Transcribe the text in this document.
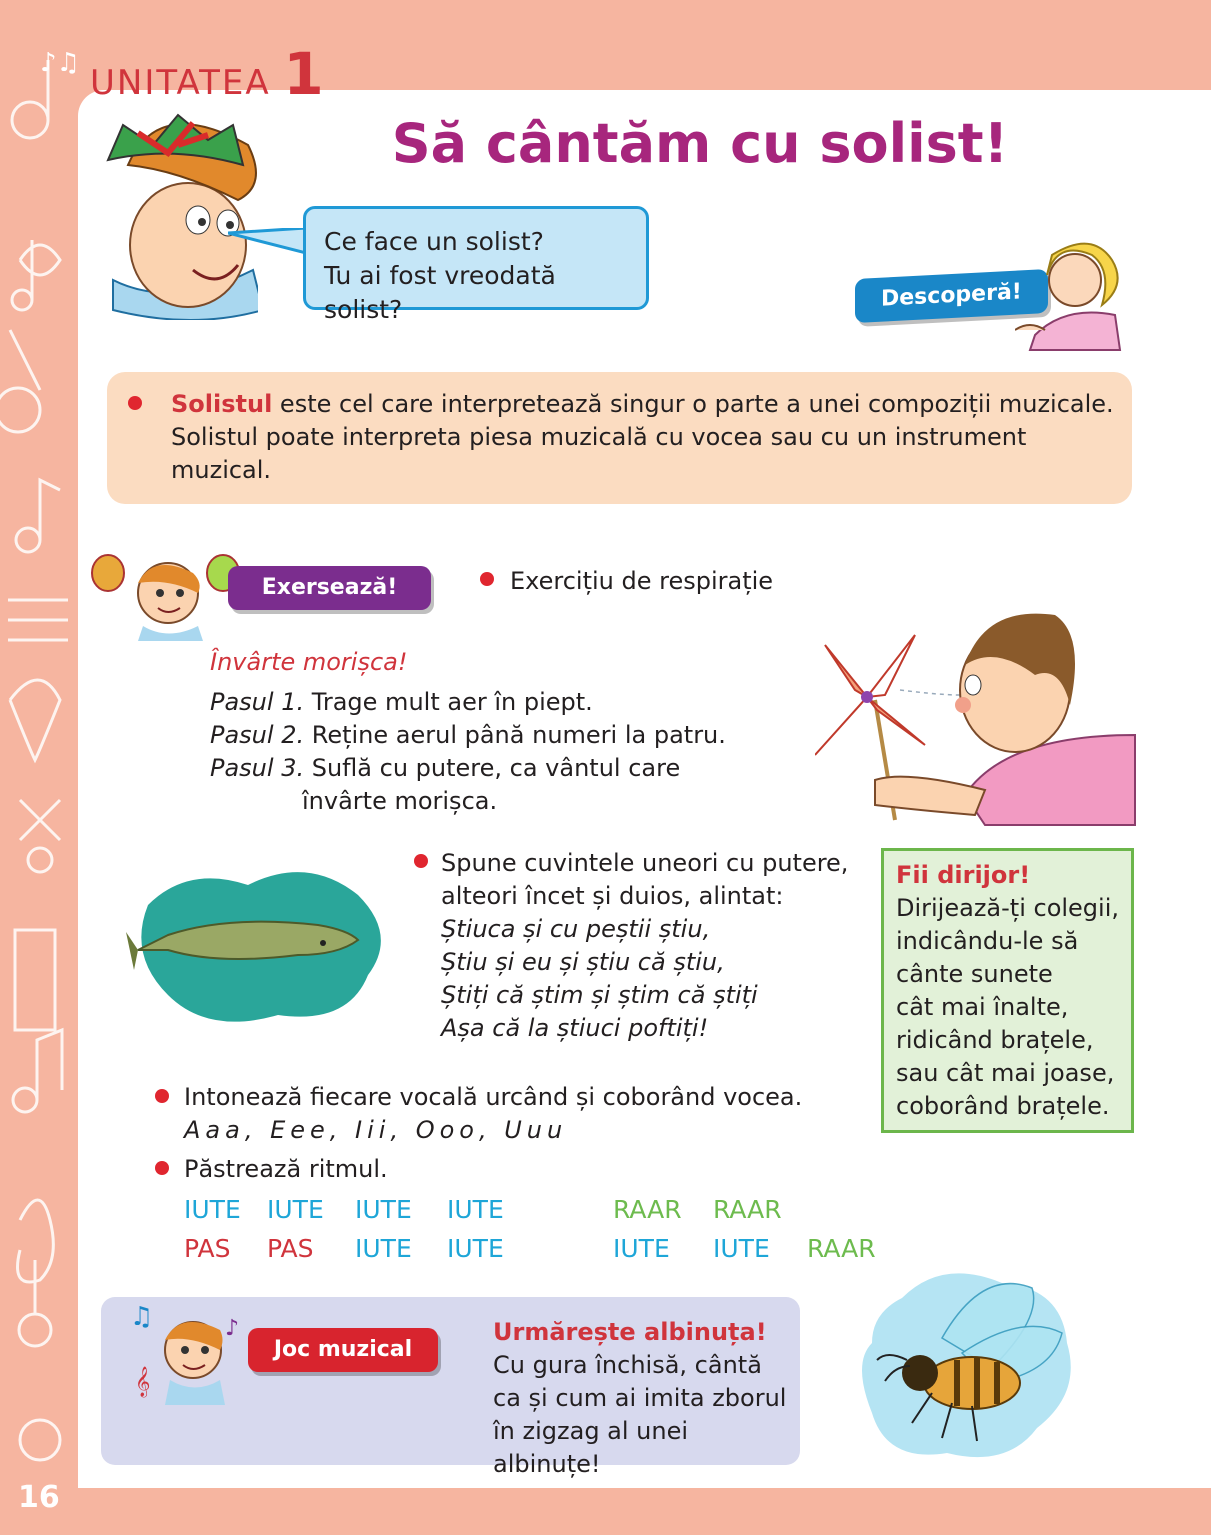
UNITATEA 1
♪♫
Să cântăm cu solist!
Ce face un solist?
Tu ai fost vreodată solist?	Descoperă!
Solistul este cel care interpretează singur o parte a unei compoziții muzicale.
Solistul poate interpreta piesa muzicală cu vocea sau cu un instrument
muzical.
Exersează!	Exercițiu de respirație
Învârte morișca!
Pasul 1. Trage mult aer în piept.
Pasul 2. Reține aerul până numeri la patru.
Pasul 3. Suflă cu putere, ca vântul care
învârte morișca.
Spune cuvintele uneori cu putere,
alteori încet și duios, alintat:
Știuca și cu peștii știu,
Știu și eu și știu că știu,
Știți că știm și știm că știți
Așa că la știuci poftiți!
Fii dirijor!
Dirijează-ți colegii,
indicându-le să
cânte sunete
cât mai înalte,
ridicând brațele,
sau cât mai joase,
coborând brațele.
Intonează fiecare vocală urcând și coborând vocea.
Aaa, Eee, Iii, Ooo, Uuu
Păstrează ritmul.
IUTE IUTE IUTE IUTE	RAAR RAAR
PAS PAS IUTE IUTE	IUTE IUTE RAAR
♫	♪
𝄞
Joc muzical
Urmărește albinuța!
Cu gura închisă, cântă
ca și cum ai imita zborul
în zigzag al unei albinuțe!
16
